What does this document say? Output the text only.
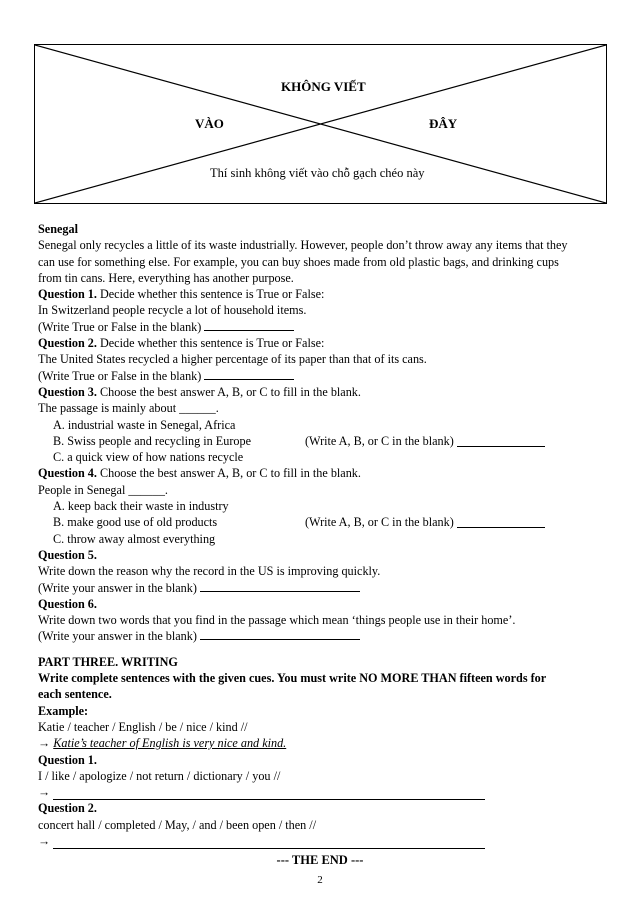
KHÔNG VIẾT
VÀO	ĐÂY
Thí sinh không viết vào chỗ gạch chéo này

Senegal

Senegal only recycles a little of its waste industrially. However, people don’t throw away any items that they

can use for something else. For example, you can buy shoes made from old plastic bags, and drinking cups

from tin cans. Here, everything has another purpose.

Question 1. Decide whether this sentence is True or False:

In Switzerland people recycle a lot of household items.

(Write True or False in the blank)

Question 2. Decide whether this sentence is True or False:

The United States recycled a higher percentage of its paper than that of its cans.

(Write True or False in the blank)

Question 3. Choose the best answer A, B, or C to fill in the blank.

The passage is mainly about ______.

A. industrial waste in Senegal, Africa

B. Swiss people and recycling in Europe	(Write A, B, or C in the blank)

C. a quick view of how nations recycle

Question 4. Choose the best answer A, B, or C to fill in the blank.

People in Senegal ______.

A. keep back their waste in industry

B. make good use of old products	(Write A, B, or C in the blank)

C. throw away almost everything

Question 5.

Write down the reason why the record in the US is improving quickly.

(Write your answer in the blank)

Question 6.

Write down two words that you find in the passage which mean ‘things people use in their home’.

(Write your answer in the blank)

PART THREE. WRITING

Write complete sentences with the given cues. You must write NO MORE THAN fifteen words for

each sentence.

Example:

Katie / teacher / English / be / nice / kind //

→ Katie’s teacher of English is very nice and kind.

Question 1.

I / like / apologize / not return / dictionary / you //

→

Question 2.

concert hall / completed / May, / and / been open / then //

→

--- THE END ---
2
